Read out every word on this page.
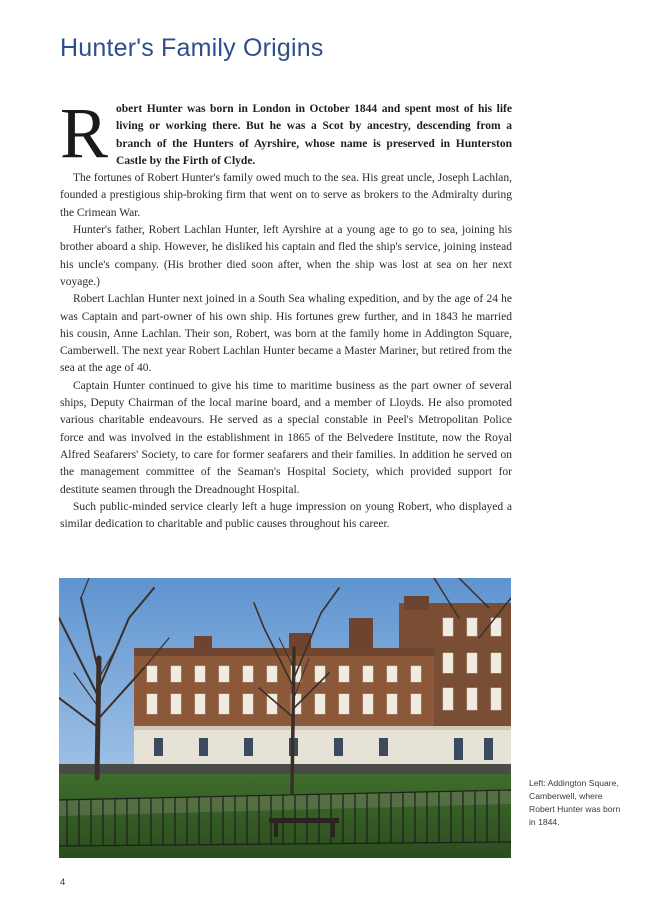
Hunter's Family Origins

Robert Hunter was born in London in October 1844 and spent most of his life living or working there. But he was a Scot by ancestry, descending from a branch of the Hunters of Ayrshire, whose name is preserved in Hunterston Castle by the Firth of Clyde.

The fortunes of Robert Hunter's family owed much to the sea. His great uncle, Joseph Lachlan, founded a prestigious ship-broking firm that went on to serve as brokers to the Admiralty during the Crimean War.

Hunter's father, Robert Lachlan Hunter, left Ayrshire at a young age to go to sea, joining his brother aboard a ship. However, he disliked his captain and fled the ship's service, joining instead his uncle's company. (His brother died soon after, when the ship was lost at sea on her next voyage.)

Robert Lachlan Hunter next joined in a South Sea whaling expedition, and by the age of 24 he was Captain and part-owner of his own ship. His fortunes grew further, and in 1843 he married his cousin, Anne Lachlan. Their son, Robert, was born at the family home in Addington Square, Camberwell. The next year Robert Lachlan Hunter became a Master Mariner, but retired from the sea at the age of 40.

Captain Hunter continued to give his time to maritime business as the part owner of several ships, Deputy Chairman of the local marine board, and a member of Lloyds. He also promoted various charitable endeavours. He served as a special constable in Peel's Metropolitan Police force and was involved in the establishment in 1865 of the Belvedere Institute, now the Royal Alfred Seafarers' Society, to care for former seafarers and their families. In addition he served on the management committee of the Seaman's Hospital Society, which provided support for destitute seamen through the Dreadnought Hospital.

Such public-minded service clearly left a huge impression on young Robert, who displayed a similar dedication to charitable and public causes throughout his career.

Left: Addington Square, Camberwell, where Robert Hunter was born in 1844.
4
